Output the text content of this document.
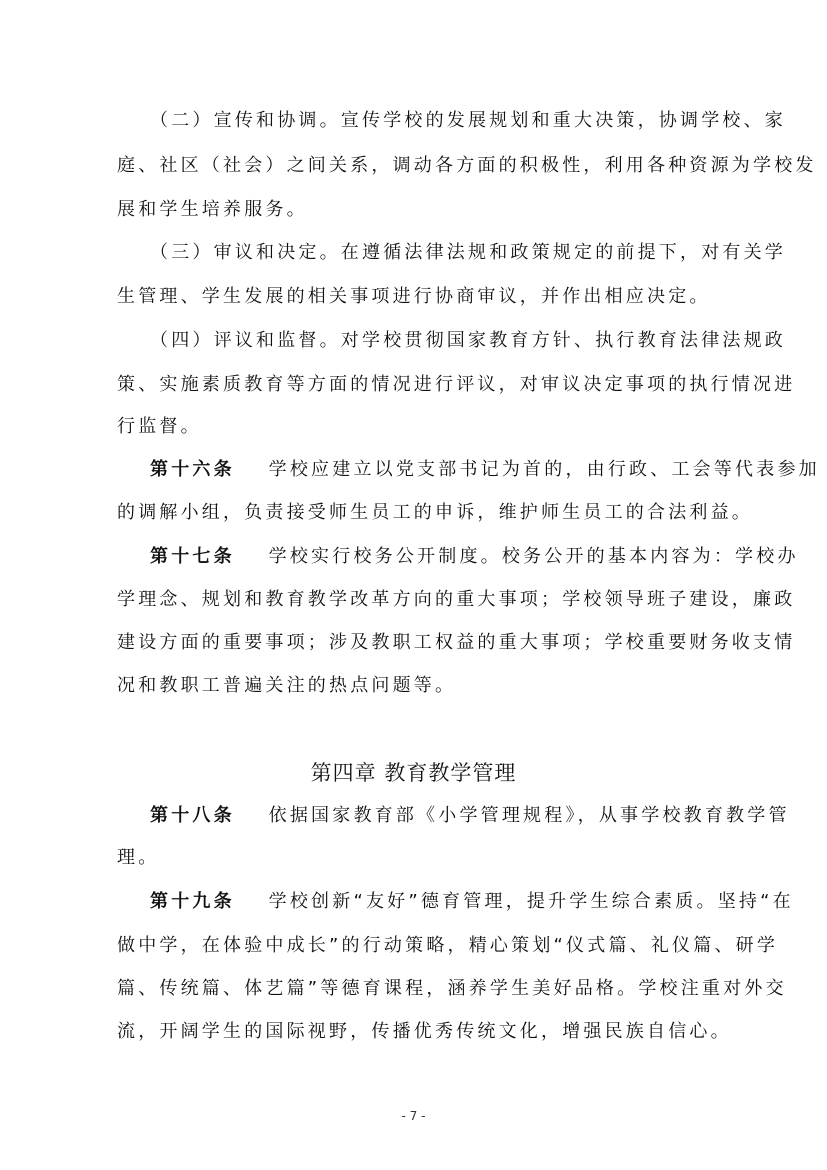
（二）宣传和协调。宣传学校的发展规划和重大决策，协调学校、家
庭、社区（社会）之间关系，调动各方面的积极性，利用各种资源为学校发
展和学生培养服务。
（三）审议和决定。在遵循法律法规和政策规定的前提下，对有关学
生管理、学生发展的相关事项进行协商审议，并作出相应决定。
（四）评议和监督。对学校贯彻国家教育方针、执行教育法律法规政
策、实施素质教育等方面的情况进行评议，对审议决定事项的执行情况进
行监督。
第十六条 学校应建立以党支部书记为首的，由行政、工会等代表参加
的调解小组，负责接受师生员工的申诉，维护师生员工的合法利益。
第十七条 学校实行校务公开制度。校务公开的基本内容为：学校办
学理念、规划和教育教学改革方向的重大事项；学校领导班子建设，廉政
建设方面的重要事项；涉及教职工权益的重大事项；学校重要财务收支情
况和教职工普遍关注的热点问题等。
第四章 教育教学管理
第十八条 依据国家教育部《小学管理规程》，从事学校教育教学管
理。
第十九条 学校创新“友好”德育管理，提升学生综合素质。坚持“在
做中学，在体验中成长”的行动策略，精心策划“仪式篇、礼仪篇、研学
篇、传统篇、体艺篇”等德育课程，涵养学生美好品格。学校注重对外交
流，开阔学生的国际视野，传播优秀传统文化，增强民族自信心。
- 7 -
